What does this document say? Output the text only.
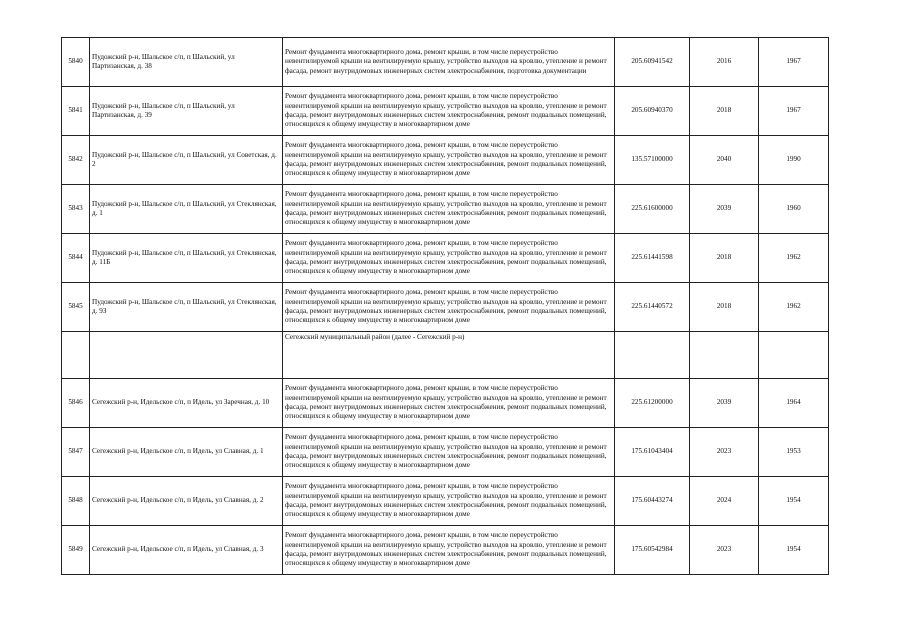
5840	Пудожский р-н, Шальское с/п, п Шальский, ул Партизанская, д. 38	Ремонт фундамента многоквартирного дома, ремонт крыши, в том числе переустройство невентилируемой крыши на вентилируемую крышу, устройство выходов на кровлю, утепление и ремонт фасада, ремонт внутридомовых инженерных систем электроснабжения, подготовка документации	205.60941542	2016	1967
5841	Пудожский р-н, Шальское с/п, п Шальский, ул Партизанская, д. 39	Ремонт фундамента многоквартирного дома, ремонт крыши, в том числе переустройство невентилируемой крыши на вентилируемую крышу, устройство выходов на кровлю, утепление и ремонт фасада, ремонт внутридомовых инженерных систем электроснабжения, ремонт подвальных помещений, относящихся к общему имуществу в многоквартирном доме	205.60940370	2018	1967
5842	Пудожский р-н, Шальское с/п, п Шальский, ул Советская, д. 2	Ремонт фундамента многоквартирного дома, ремонт крыши, в том числе переустройство невентилируемой крыши на вентилируемую крышу, устройство выходов на кровлю, утепление и ремонт фасада, ремонт внутридомовых инженерных систем электроснабжения, ремонт подвальных помещений, относящихся к общему имуществу в многоквартирном доме	135.57100000	2040	1990
5843	Пудожский р-н, Шальское с/п, п Шальский, ул Стеклянская, д. 1	Ремонт фундамента многоквартирного дома, ремонт крыши, в том числе переустройство невентилируемой крыши на вентилируемую крышу, устройство выходов на кровлю, утепление и ремонт фасада, ремонт внутридомовых инженерных систем электроснабжения, ремонт подвальных помещений, относящихся к общему имуществу в многоквартирном доме	225.61600000	2039	1960
5844	Пудожский р-н, Шальское с/п, п Шальский, ул Стеклянская, д. 11Б	Ремонт фундамента многоквартирного дома, ремонт крыши, в том числе переустройство невентилируемой крыши на вентилируемую крышу, устройство выходов на кровлю, утепление и ремонт фасада, ремонт внутридомовых инженерных систем электроснабжения, ремонт подвальных помещений, относящихся к общему имуществу в многоквартирном доме	225.61441598	2018	1962
5845	Пудожский р-н, Шальское с/п, п Шальский, ул Стеклянская, д. 9З	Ремонт фундамента многоквартирного дома, ремонт крыши, в том числе переустройство невентилируемой крыши на вентилируемую крышу, устройство выходов на кровлю, утепление и ремонт фасада, ремонт внутридомовых инженерных систем электроснабжения, ремонт подвальных помещений, относящихся к общему имуществу в многоквартирном доме	225.61440572	2018	1962
		Сегежский муниципальный район (далее - Сегежский р-н)			
5846	Сегежский р-н, Идельское с/п, п Идель, ул Заречная, д. 10	Ремонт фундамента многоквартирного дома, ремонт крыши, в том числе переустройство невентилируемой крыши на вентилируемую крышу, устройство выходов на кровлю, утепление и ремонт фасада, ремонт внутридомовых инженерных систем электроснабжения, ремонт подвальных помещений, относящихся к общему имуществу в многоквартирном доме	225.61200000	2039	1964
5847	Сегежский р-н, Идельское с/п, п Идель, ул Славная, д. 1	Ремонт фундамента многоквартирного дома, ремонт крыши, в том числе переустройство невентилируемой крыши на вентилируемую крышу, устройство выходов на кровлю, утепление и ремонт фасада, ремонт внутридомовых инженерных систем электроснабжения, ремонт подвальных помещений, относящихся к общему имуществу в многоквартирном доме	175.61043404	2023	1953
5848	Сегежский р-н, Идельское с/п, п Идель, ул Славная, д. 2	Ремонт фундамента многоквартирного дома, ремонт крыши, в том числе переустройство невентилируемой крыши на вентилируемую крышу, устройство выходов на кровлю, утепление и ремонт фасада, ремонт внутридомовых инженерных систем электроснабжения, ремонт подвальных помещений, относящихся к общему имуществу в многоквартирном доме	175.60443274	2024	1954
5849	Сегежский р-н, Идельское с/п, п Идель, ул Славная, д. 3	Ремонт фундамента многоквартирного дома, ремонт крыши, в том числе переустройство невентилируемой крыши на вентилируемую крышу, устройство выходов на кровлю, утепление и ремонт фасада, ремонт внутридомовых инженерных систем электроснабжения, ремонт подвальных помещений, относящихся к общему имуществу в многоквартирном доме	175.60542984	2023	1954
